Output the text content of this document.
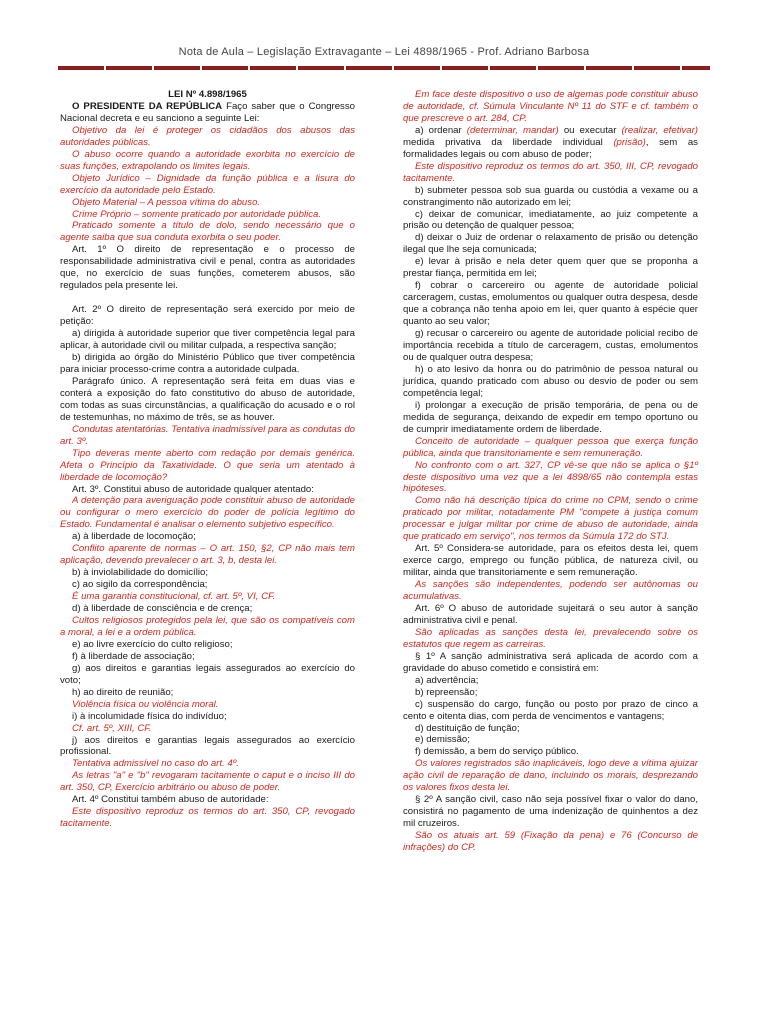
Nota de Aula – Legislação Extravagante – Lei 4898/1965 - Prof. Adriano Barbosa

LEI Nº 4.898/1965

O PRESIDENTE DA REPÚBLICA Faço saber que o Congresso Nacional decreta e eu sanciono a seguinte Lei:

Objetivo da lei é proteger os cidadãos dos abusos das autoridades públicas.

O abuso ocorre quando a autoridade exorbita no exercício de suas funções, extrapolando os limites legais.

Objeto Jurídico – Dignidade da função pública e a lisura do exercício da autoridade pelo Estado.

Objeto Material – A pessoa vítima do abuso.

Crime Próprio – somente praticado por autoridade pública.

Praticado somente a título de dolo, sendo necessário que o agente saiba que sua conduta exorbita o seu poder.

Art. 1º O direito de representação e o processo de responsabilidade administrativa civil e penal, contra as autoridades que, no exercício de suas funções, cometerem abusos, são regulados pela presente lei.

Art. 2º O direito de representação será exercido por meio de petição:

a) dirigida à autoridade superior que tiver competência legal para aplicar, à autoridade civil ou militar culpada, a respectiva sanção;

b) dirigida ao órgão do Ministério Público que tiver competência para iniciar processo-crime contra a autoridade culpada.

Parágrafo único. A representação será feita em duas vias e conterá a exposição do fato constitutivo do abuso de autoridade, com todas as suas circunstâncias, a qualificação do acusado e o rol de testemunhas, no máximo de três, se as houver.

Condutas atentatórias. Tentativa inadmissível para as condutas do art. 3º.

Tipo deveras mente aberto com redação por demais genérica. Afeta o Princípio da Taxatividade. O que seria um atentado à liberdade de locomoção?

Art. 3º. Constitui abuso de autoridade qualquer atentado:

A detenção para averiguação pode constituir abuso de autoridade ou configurar o mero exercício do poder de polícia legítimo do Estado. Fundamental é analisar o elemento subjetivo específico.

a) à liberdade de locomoção;

Conflito aparente de normas – O art. 150, §2, CP não mais tem aplicação, devendo prevalecer o art. 3, b, desta lei.

b) à inviolabilidade do domicílio;

c) ao sigilo da correspondência;

É uma garantia constitucional, cf. art. 5º, VI, CF.

d) à liberdade de consciência e de crença;

Cultos religiosos protegidos pela lei, que são os compatíveis com a moral, a lei e a ordem pública.

e) ao livre exercício do culto religioso;

f) à liberdade de associação;

g) aos direitos e garantias legais assegurados ao exercício do voto;

h) ao direito de reunião;

Violência física ou violência moral.

i) à incolumidade física do indivíduo;

Cf. art. 5º, XIII, CF.

j) aos direitos e garantias legais assegurados ao exercício profissional.

Tentativa admissível no caso do art. 4º.

As letras "a" e "b" revogaram tacitamente o caput e o inciso III do art. 350, CP, Exercício arbitrário ou abuso de poder.

Art. 4º Constitui também abuso de autoridade:

Este dispositivo reproduz os termos do art. 350, CP, revogado tacitamente.

Em face deste dispositivo o uso de algemas pode constituir abuso de autoridade, cf. Súmula Vinculante Nº 11 do STF e cf. também o que prescreve o art. 284, CP.

a) ordenar (determinar, mandar) ou executar (realizar, efetivar) medida privativa da liberdade individual (prisão), sem as formalidades legais ou com abuso de poder;

Este dispositivo reproduz os termos do art. 350, III, CP, revogado tacitamente.

b) submeter pessoa sob sua guarda ou custódia a vexame ou a constrangimento não autorizado em lei;

c) deixar de comunicar, imediatamente, ao juiz competente a prisão ou detenção de qualquer pessoa;

d) deixar o Juiz de ordenar o relaxamento de prisão ou detenção ilegal que lhe seja comunicada;

e) levar à prisão e nela deter quem quer que se proponha a prestar fiança, permitida em lei;

f) cobrar o carcereiro ou agente de autoridade policial carceragem, custas, emolumentos ou qualquer outra despesa, desde que a cobrança não tenha apoio em lei, quer quanto à espécie quer quanto ao seu valor;

g) recusar o carcereiro ou agente de autoridade policial recibo de importância recebida a título de carceragem, custas, emolumentos ou de qualquer outra despesa;

h) o ato lesivo da honra ou do patrimônio de pessoa natural ou jurídica, quando praticado com abuso ou desvio de poder ou sem competência legal;

i) prolongar a execução de prisão temporária, de pena ou de medida de segurança, deixando de expedir em tempo oportuno ou de cumprir imediatamente ordem de liberdade.

Conceito de autoridade – qualquer pessoa que exerça função pública, ainda que transitoriamente e sem remuneração.

No confronto com o art. 327, CP vê-se que não se aplica o §1º deste dispositivo uma vez que a lei 4898/65 não contempla estas hipóteses.

Como não há descrição típica do crime no CPM, sendo o crime praticado por militar, notadamente PM "compete à justiça comum processar e julgar militar por crime de abuso de autoridade, ainda que praticado em serviço", nos termos da Súmula 172 do STJ.

Art. 5º Considera-se autoridade, para os efeitos desta lei, quem exerce cargo, emprego ou função pública, de natureza civil, ou militar, ainda que transitoriamente e sem remuneração.

As sanções são independentes, podendo ser autônomas ou acumulativas.

Art. 6º O abuso de autoridade sujeitará o seu autor à sanção administrativa civil e penal.

São aplicadas as sanções desta lei, prevalecendo sobre os estatutos que regem as carreiras.

§ 1º A sanção administrativa será aplicada de acordo com a gravidade do abuso cometido e consistirá em:

a) advertência;

b) repreensão;

c) suspensão do cargo, função ou posto por prazo de cinco a cento e oitenta dias, com perda de vencimentos e vantagens;

d) destituição de função;

e) demissão;

f) demissão, a bem do serviço público.

Os valores registrados são inaplicáveis, logo deve a vítima ajuizar ação civil de reparação de dano, incluindo os morais, desprezando os valores fixos desta lei.

§ 2º A sanção civil, caso não seja possível fixar o valor do dano, consistirá no pagamento de uma indenização de quinhentos a dez mil cruzeiros.

São os atuais art. 59 (Fixação da pena) e 76 (Concurso de infrações) do CP.
